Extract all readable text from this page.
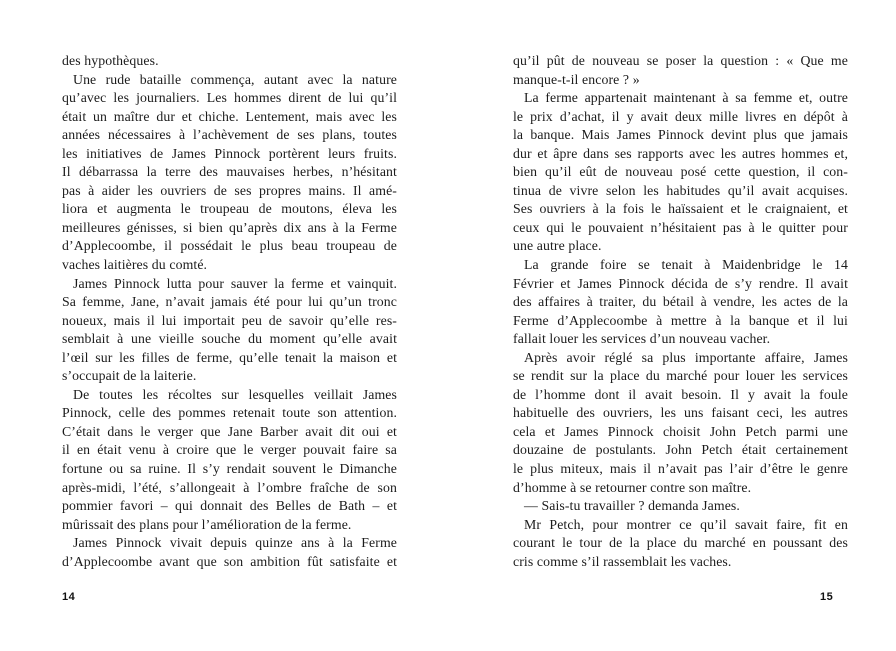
des hypothèques.
Une rude bataille commença, autant avec la nature
qu’avec les journaliers. Les hommes dirent de lui qu’il
était un maître dur et chiche. Lentement, mais avec les
années nécessaires à l’achèvement de ses plans, toutes
les initiatives de James Pinnock portèrent leurs fruits.
Il débarrassa la terre des mauvaises herbes, n’hésitant
pas à aider les ouvriers de ses propres mains. Il amé-
liora et augmenta le troupeau de moutons, éleva les
meilleures génisses, si bien qu’après dix ans à la Ferme
d’Applecoombe, il possédait le plus beau troupeau de
vaches laitières du comté.
James Pinnock lutta pour sauver la ferme et vainquit.
Sa femme, Jane, n’avait jamais été pour lui qu’un tronc
noueux, mais il lui importait peu de savoir qu’elle res-
semblait à une vieille souche du moment qu’elle avait
l’œil sur les filles de ferme, qu’elle tenait la maison et
s’occupait de la laiterie.
De toutes les récoltes sur lesquelles veillait James
Pinnock, celle des pommes retenait toute son attention.
C’était dans le verger que Jane Barber avait dit oui et
il en était venu à croire que le verger pouvait faire sa
fortune ou sa ruine. Il s’y rendait souvent le Dimanche
après-midi, l’été, s’allongeait à l’ombre fraîche de son
pommier favori – qui donnait des Belles de Bath – et
mûrissait des plans pour l’amélioration de la ferme.
James Pinnock vivait depuis quinze ans à la Ferme
d’Applecoombe avant que son ambition fût satisfaite et
14
qu’il pût de nouveau se poser la question : « Que me
manque-t-il encore ? »
La ferme appartenait maintenant à sa femme et, outre
le prix d’achat, il y avait deux mille livres en dépôt à
la banque. Mais James Pinnock devint plus que jamais
dur et âpre dans ses rapports avec les autres hommes et,
bien qu’il eût de nouveau posé cette question, il con-
tinua de vivre selon les habitudes qu’il avait acquises.
Ses ouvriers à la fois le haïssaient et le craignaient, et
ceux qui le pouvaient n’hésitaient pas à le quitter pour
une autre place.
La grande foire se tenait à Maidenbridge le 14
Février et James Pinnock décida de s’y rendre. Il avait
des affaires à traiter, du bétail à vendre, les actes de la
Ferme d’Applecoombe à mettre à la banque et il lui
fallait louer les services d’un nouveau vacher.
Après avoir réglé sa plus importante affaire, James
se rendit sur la place du marché pour louer les services
de l’homme dont il avait besoin. Il y avait la foule
habituelle des ouvriers, les uns faisant ceci, les autres
cela et James Pinnock choisit John Petch parmi une
douzaine de postulants. John Petch était certainement
le plus miteux, mais il n’avait pas l’air d’être le genre
d’homme à se retourner contre son maître.
— Sais-tu travailler ? demanda James.
Mr Petch, pour montrer ce qu’il savait faire, fit en
courant le tour de la place du marché en poussant des
cris comme s’il rassemblait les vaches.
15
